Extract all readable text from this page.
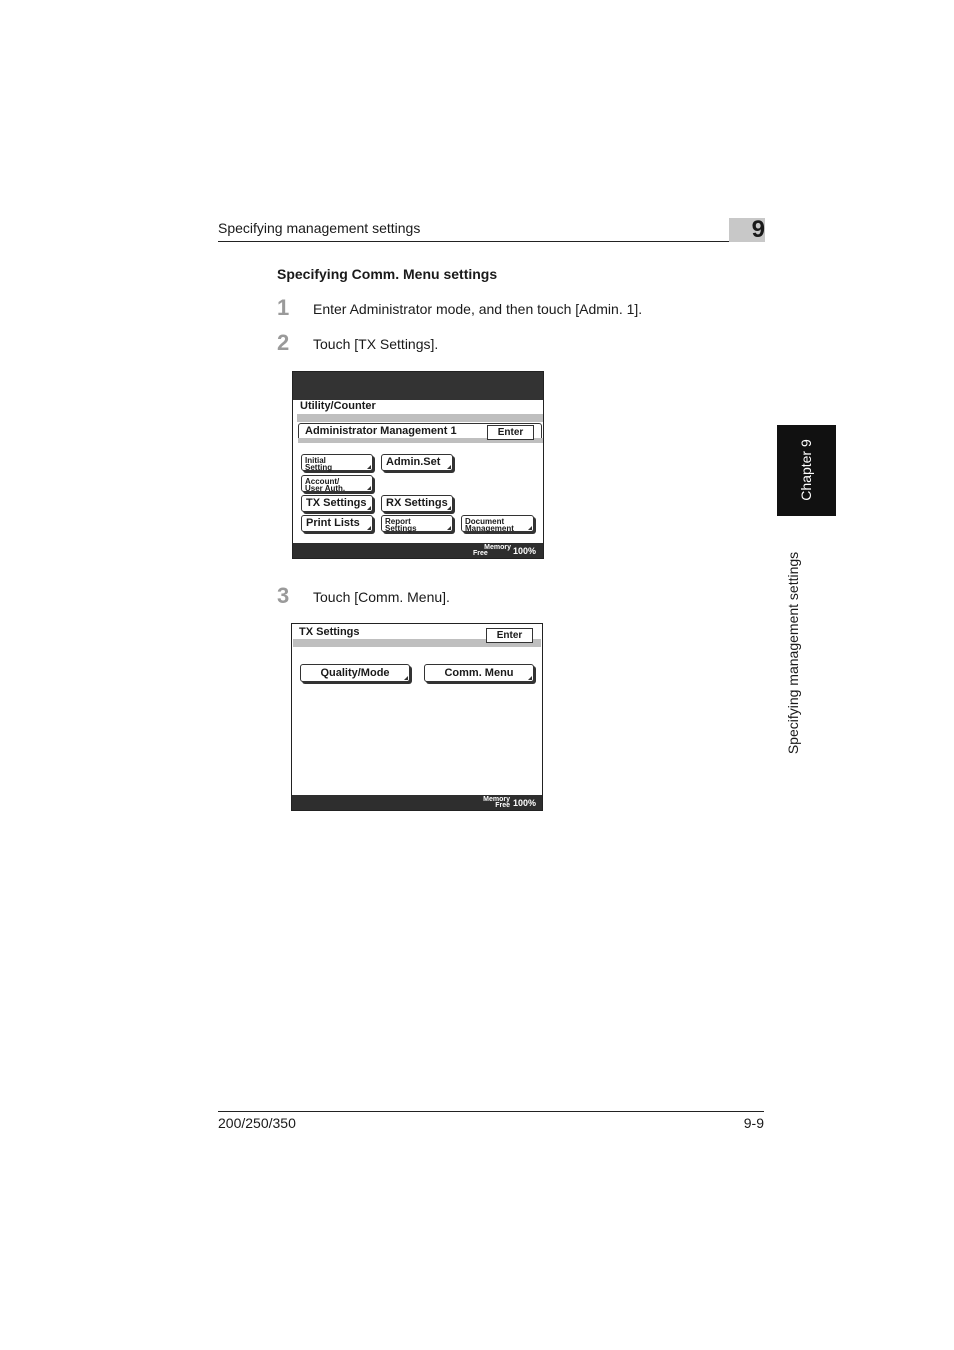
Specifying management settings	9
Chapter 9
Specifying management settings
Specifying Comm. Menu settings
1 Enter Administrator mode, and then touch [Admin. 1].
2 Touch [TX Settings].
Utility/Counter
Administrator Management 1	Enter
Initial
Setting	Admin.Set
Account/
User Auth.
TX Settings	RX Settings
Print Lists	Report
Settings
Document
Management
Memory
Free	100%
3 Touch [Comm. Menu].
TX Settings	Enter
Quality/Mode	Comm. Menu
Memory
Free 100%
200/250/350	9-9
